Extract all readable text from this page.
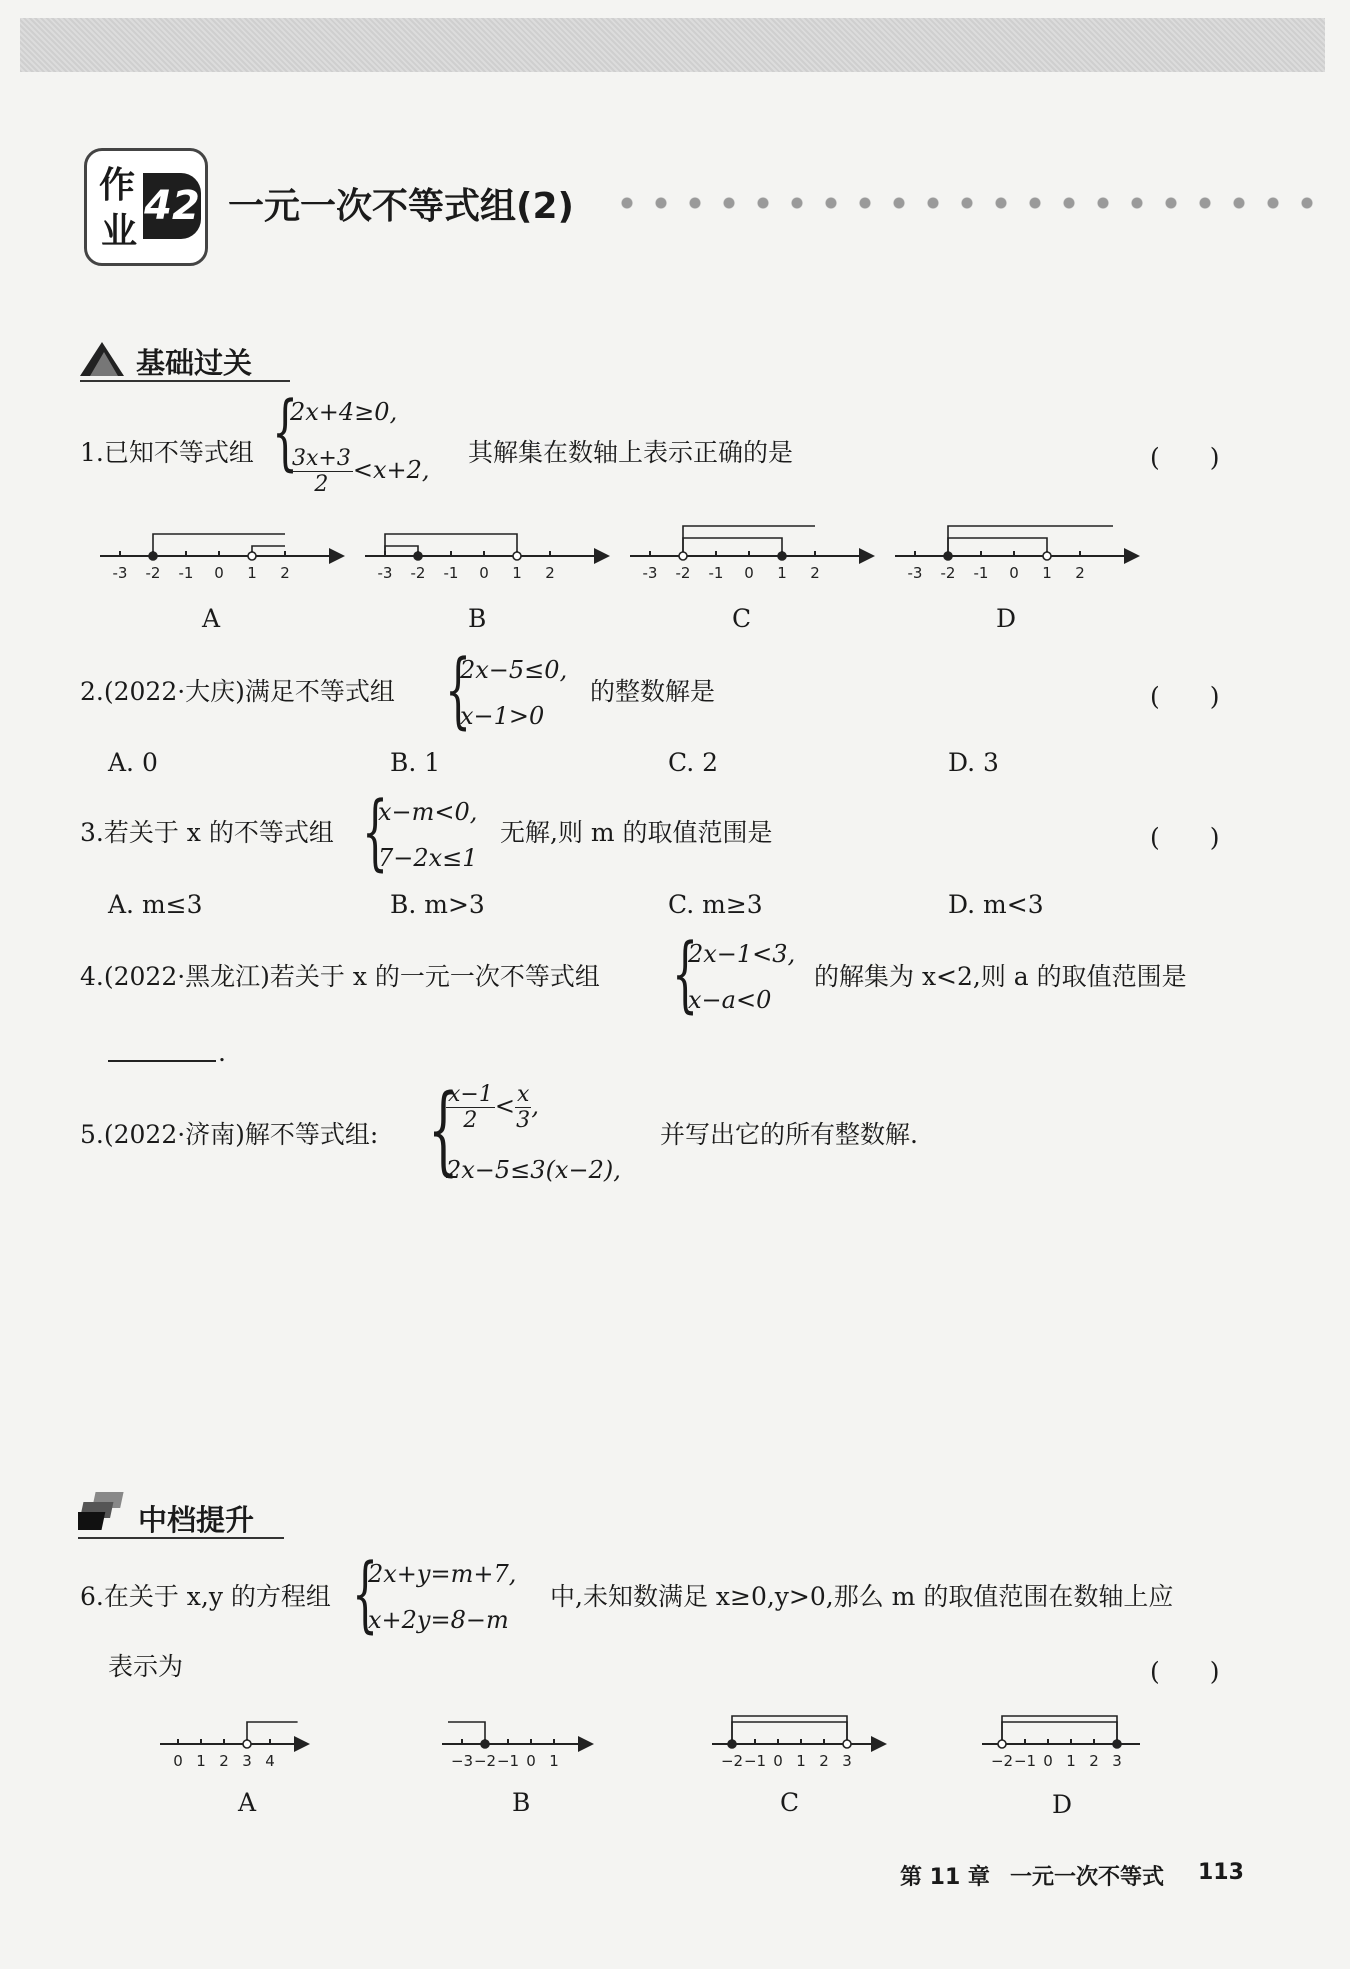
作
业
42 一元一次不等式组(2)
基础过关
1.已知不等式组 {
2x+4≥0,
$\frac{3x+3}{2} <x+2$,
其解集在数轴上表示正确的是	(　　)
-3 -2 -1 0 1 2	-3 -2 -1 0 1 2	-3 -2 -1 0 1 2	-3 -2 -1 0 1 2
A	B	C	D
2.(2022·大庆)满足不等式组 {
2x−5≤0,
x−1>0
的整数解是	(　　)
A. 0	B. 1	C. 2	D. 3
3.若关于 x 的不等式组 {
x−m<0,
7−2x≤1
无解,则 m 的取值范围是	(　　)
A. m≤3	B. m>3	C. m≥3	D. m<3
4.(2022·黑龙江)若关于 x 的一元一次不等式组 {
2x−1<3,
x−a<0
的解集为 x<2,则 a 的取值范围是
.
5.(2022·济南)解不等式组: {
$\frac{x-1}{2} < \frac{x}{3}$ ,
2x−5≤3(x−2),
并写出它的所有整数解.
中档提升
6.在关于 x,y 的方程组 {
2x+y=m+7,
x+2y=8−m
中,未知数满足 x≥0,y>0,那么 m 的取值范围在数轴上应
表示为	(　　)
0 1 2 3 4	−3 −2 −1 0 1	−2 −1 0 1 2 3	−2 −1 0 1 2 3
A	B	C	D
第 11 章 一元一次不等式 113
